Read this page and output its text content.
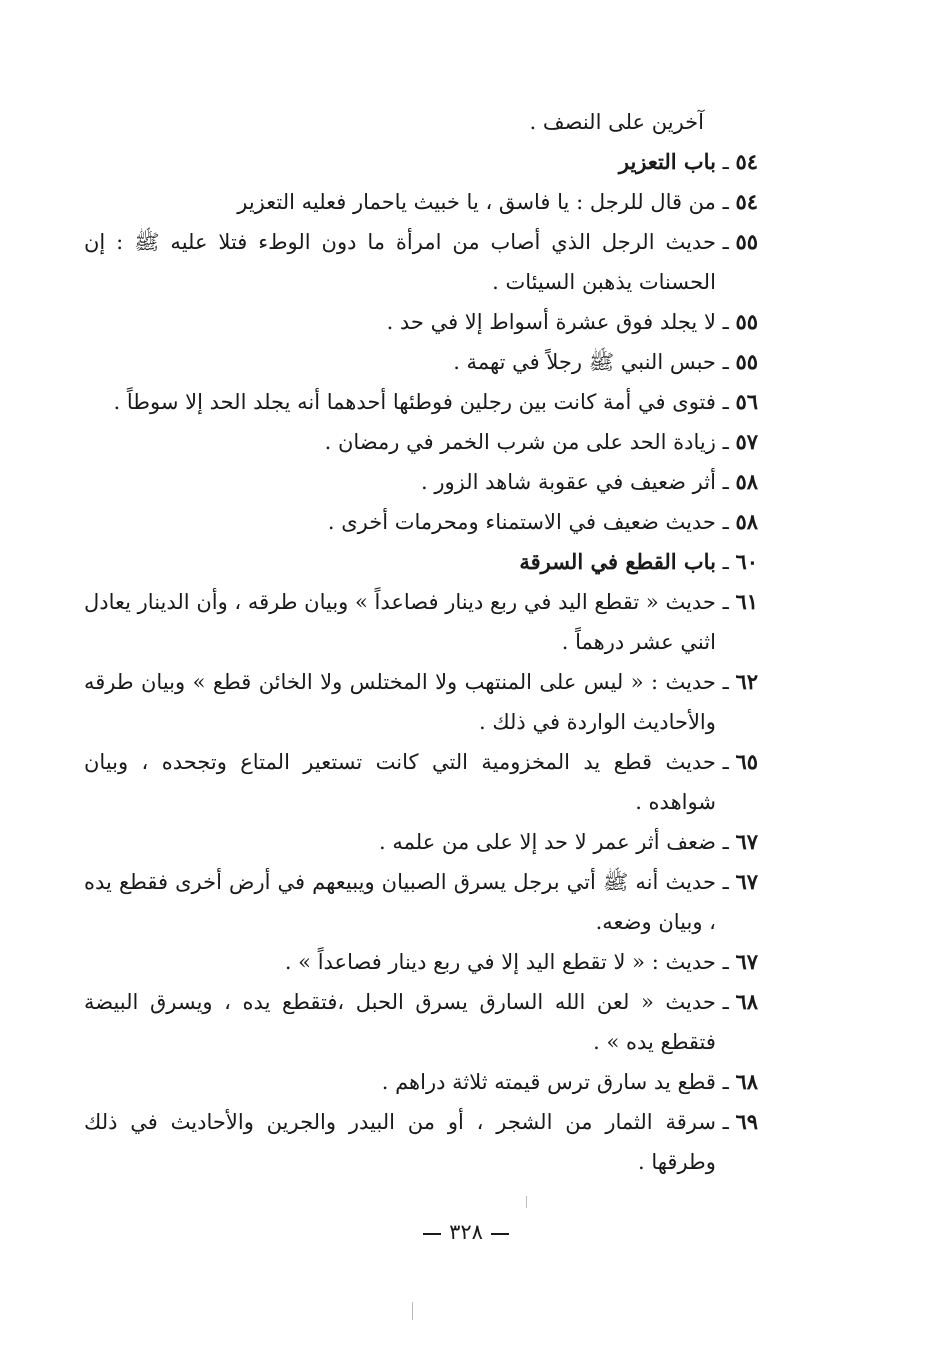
آخرين على النصف .
٥٤
ـ
باب التعزير
٥٤
ـ
من قال للرجل : يا فاسق ، يا خبيث ياحمار فعليه التعزير
٥٥
ـ
حديث الرجل الذي أصاب من امرأة ما دون الوطء فتلا عليه ﷺ : إن الحسنات يذهبن السيئات .
٥٥
ـ
لا يجلد فوق عشرة أسواط إلا في حد .
٥٥
ـ
حبس النبي ﷺ رجلاً في تهمة .
٥٦
ـ
فتوى في أمة كانت بين رجلين فوطئها أحدهما أنه يجلد الحد إلا سوطاً .
٥٧
ـ
زيادة الحد على من شرب الخمر في رمضان .
٥٨
ـ
أثر ضعيف في عقوبة شاهد الزور .
٥٨
ـ
حديث ضعيف في الاستمناء ومحرمات أخرى .
٦٠
ـ
باب القطع في السرقة
٦١
ـ
حديث « تقطع اليد في ربع دينار فصاعداً » وبيان طرقه ، وأن الدينار يعادل اثني عشر درهماً .
٦٢
ـ
حديث : « ليس على المنتهب ولا المختلس ولا الخائن قطع » وبيان طرقه والأحاديث الواردة في ذلك .
٦٥
ـ
حديث قطع يد المخزومية التي كانت تستعير المتاع وتجحده ، وبيان شواهده .
٦٧
ـ
ضعف أثر عمر لا حد إلا على من علمه .
٦٧
ـ
حديث أنه ﷺ أتي برجل يسرق الصبيان ويبيعهم في أرض أخرى فقطع يده ، وبيان وضعه.
٦٧
ـ
حديث : « لا تقطع اليد إلا في ربع دينار فصاعداً » .
٦٨
ـ
حديث « لعن الله السارق يسرق الحبل ،فتقطع يده ، ويسرق البيضة فتقطع يده » .
٦٨
ـ
قطع يد سارق ترس قيمته ثلاثة دراهم .
٦٩
ـ
سرقة الثمار من الشجر ، أو من البيدر والجرين والأحاديث في ذلك وطرقها .
٣٢٨
